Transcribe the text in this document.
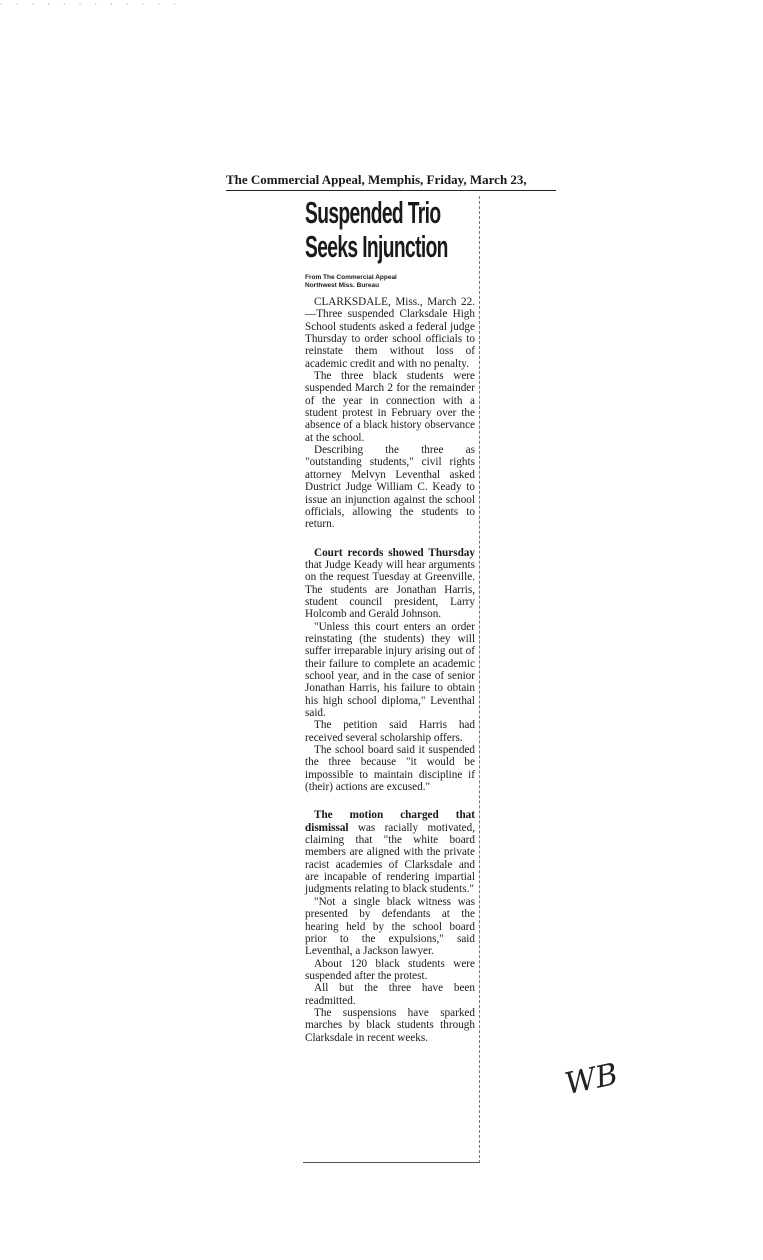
· · · · · · · · · · · ·
The Commercial Appeal, Memphis, Friday, March 23,
Suspended Trio
Seeks Injunction
From The Commercial Appeal
Northwest Miss. Bureau

CLARKSDALE, Miss., March 22.—Three suspended Clarksdale High School students asked a federal judge Thursday to order school officials to reinstate them without loss of academic credit and with no penalty.

The three black students were suspended March 2 for the remainder of the year in connection with a student protest in February over the absence of a black history observance at the school.

Describing the three as "outstanding students," civil rights attorney Melvyn Leventhal asked Dustrict Judge William C. Keady to issue an injunction against the school officials, allowing the students to return.

Court records showed Thursday that Judge Keady will hear arguments on the request Tuesday at Greenville. The students are Jonathan Harris, student council president, Larry Holcomb and Gerald Johnson.

"Unless this court enters an order reinstating (the students) they will suffer irreparable injury arising out of their failure to complete an academic school year, and in the case of senior Jonathan Harris, his failure to obtain his high school diploma," Leventhal said.

The petition said Harris had received several scholarship offers.

The school board said it suspended the three because "it would be impossible to maintain discipline if (their) actions are excused."

The motion charged that dismissal was racially motivated, claiming that "the white board members are aligned with the private racist academies of Clarksdale and are incapable of rendering impartial judgments relating to black students."

"Not a single black witness was presented by defendants at the hearing held by the school board prior to the expulsions," said Leventhal, a Jackson lawyer.

About 120 black students were suspended after the protest.

All but the three have been readmitted.

The suspensions have sparked marches by black students through Clarksdale in recent weeks.

WB
